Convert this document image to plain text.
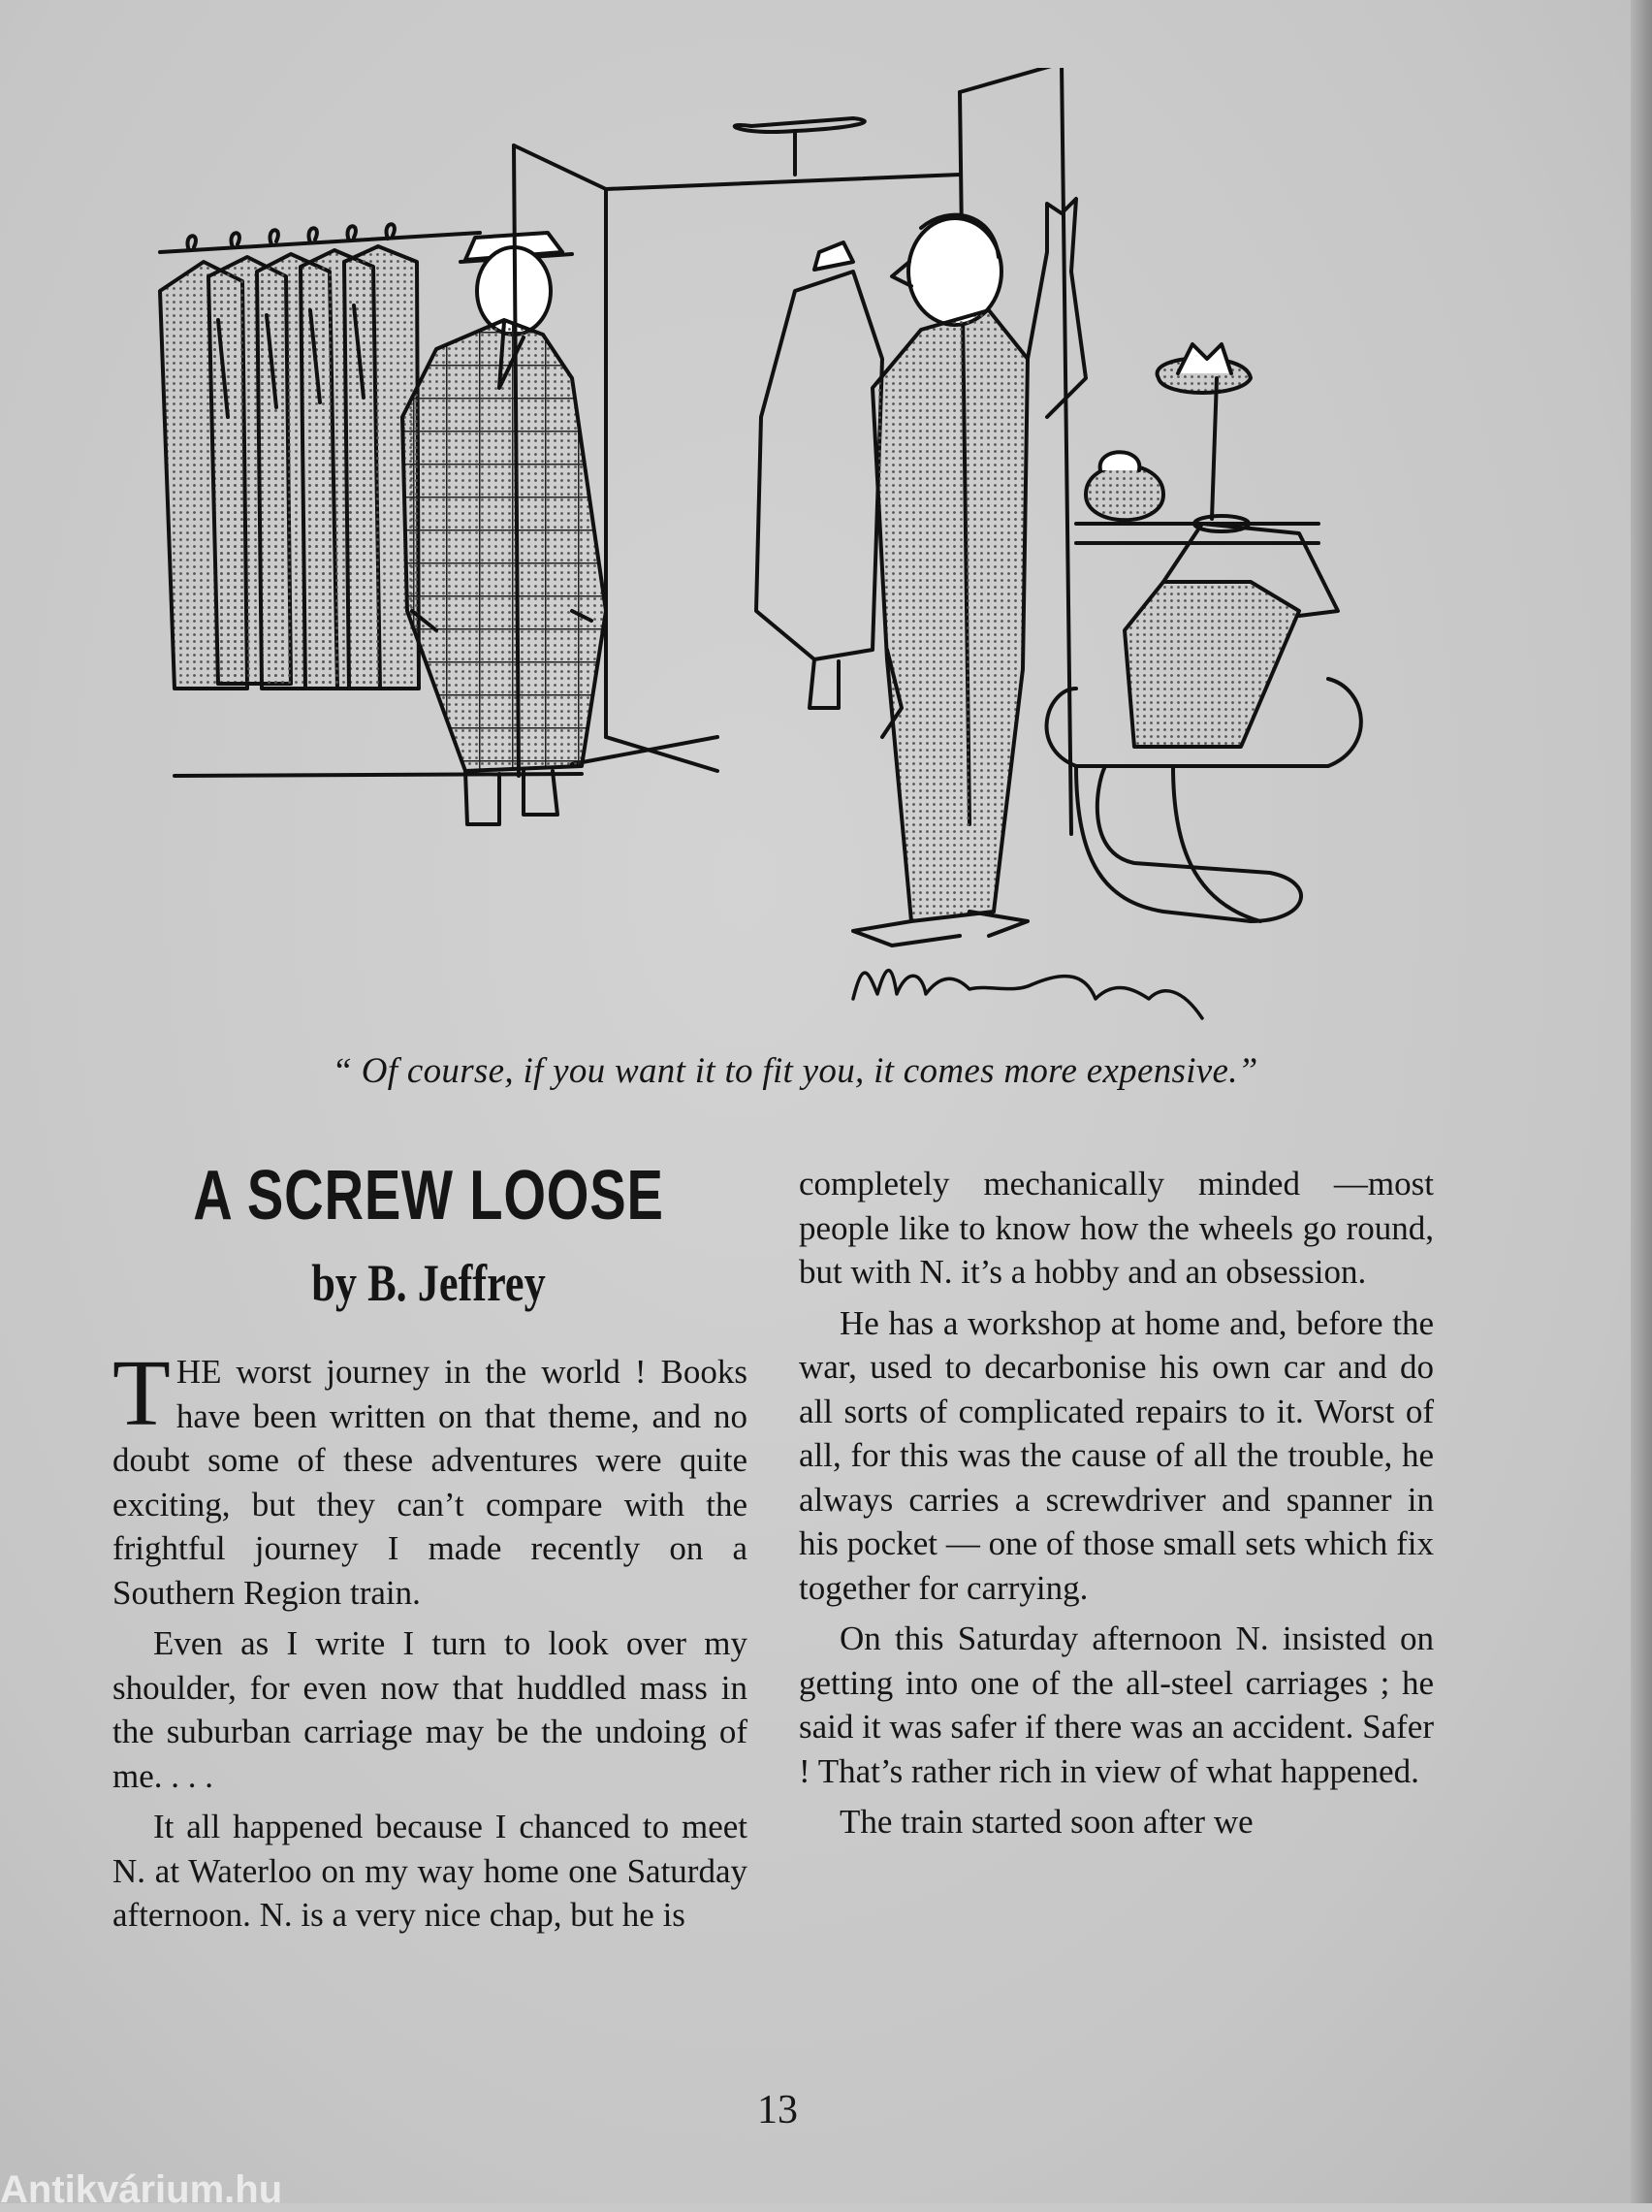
“ Of course, if you want it to fit you, it comes more expensive.”
A SCREW LOOSE
by B. Jeffrey

THE worst journey in the world ! Books have been written on that theme, and no doubt some of these adventures were quite exciting, but they can’t compare with the frightful journey I made recently on a Southern Region train.

Even as I write I turn to look over my shoulder, for even now that huddled mass in the suburban carriage may be the undoing of me. . . .

It all happened because I chanced to meet N. at Waterloo on my way home one Saturday afternoon. N. is a very nice chap, but he is

completely mechanically minded —most people like to know how the wheels go round, but with N. it’s a hobby and an obsession.

He has a workshop at home and, before the war, used to decarbonise his own car and do all sorts of complicated repairs to it. Worst of all, for this was the cause of all the trouble, he always carries a screwdriver and spanner in his pocket — one of those small sets which fix together for carrying.

On this Saturday afternoon N. insisted on getting into one of the all-steel carriages ; he said it was safer if there was an accident. Safer ! That’s rather rich in view of what happened.

The train started soon after we

13
Antikvárium.hu
